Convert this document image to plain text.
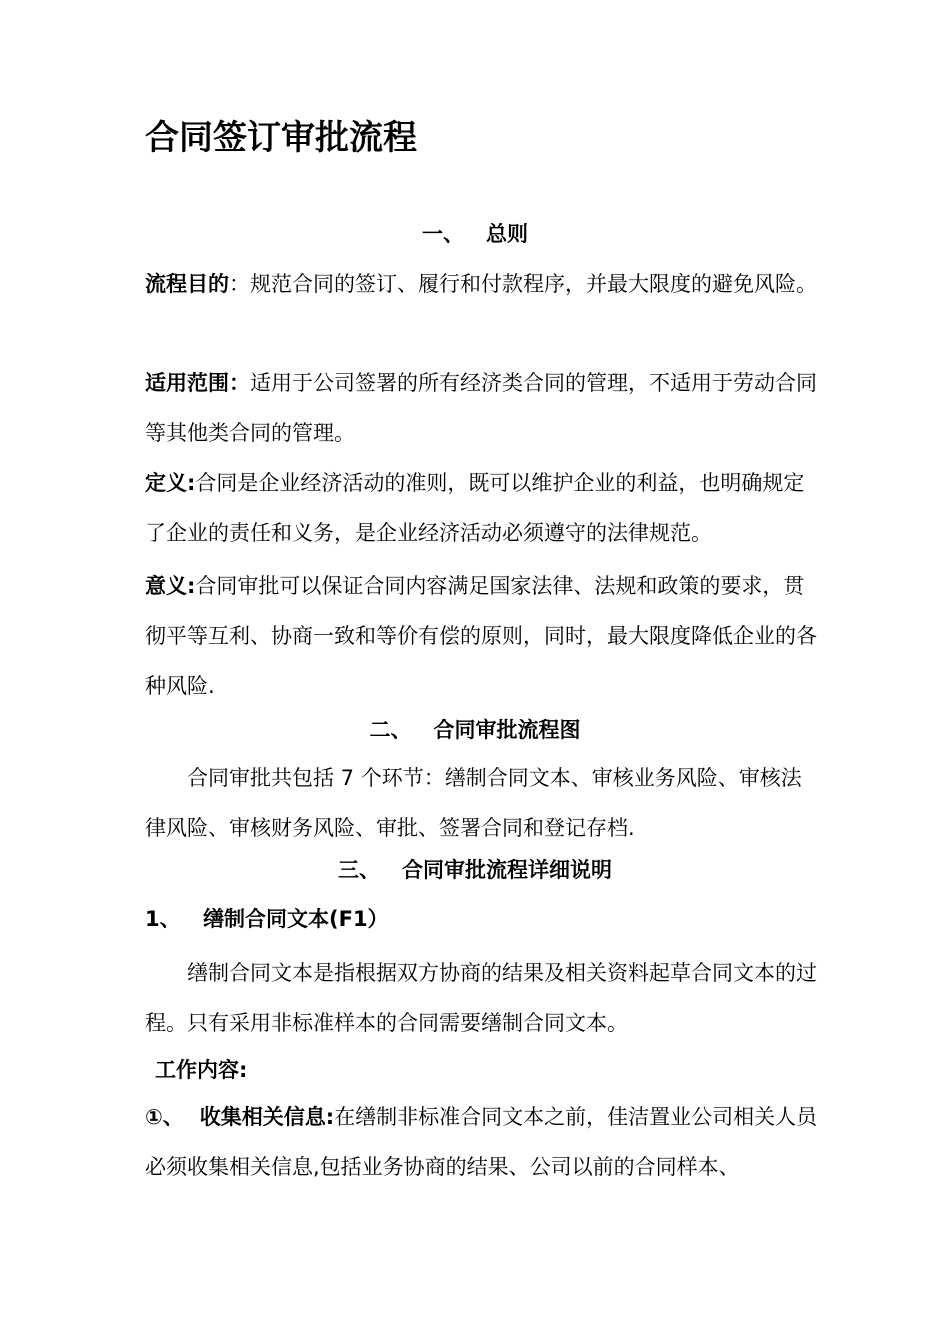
合同签订审批流程
一、 总则

流程目的：规范合同的签订、履行和付款程序，并最大限度的避免风险。

适用范围：适用于公司签署的所有经济类合同的管理，不适用于劳动合同等其他类合同的管理。

定义:合同是企业经济活动的准则，既可以维护企业的利益，也明确规定了企业的责任和义务，是企业经济活动必须遵守的法律规范。

意义:合同审批可以保证合同内容满足国家法律、法规和政策的要求，贯彻平等互利、协商一致和等价有偿的原则，同时，最大限度降低企业的各种风险.

二、 合同审批流程图

合同审批共包括 7 个环节：缮制合同文本、审核业务风险、审核法律风险、审核财务风险、审批、签署合同和登记存档.

三、 合同审批流程详细说明
1、 缮制合同文本(F1）

缮制合同文本是指根据双方协商的结果及相关资料起草合同文本的过程。只有采用非标准样本的合同需要缮制合同文本。

工作内容:

①、 收集相关信息:在缮制非标准合同文本之前，佳洁置业公司相关人员必须收集相关信息,包括业务协商的结果、公司以前的合同样本、
